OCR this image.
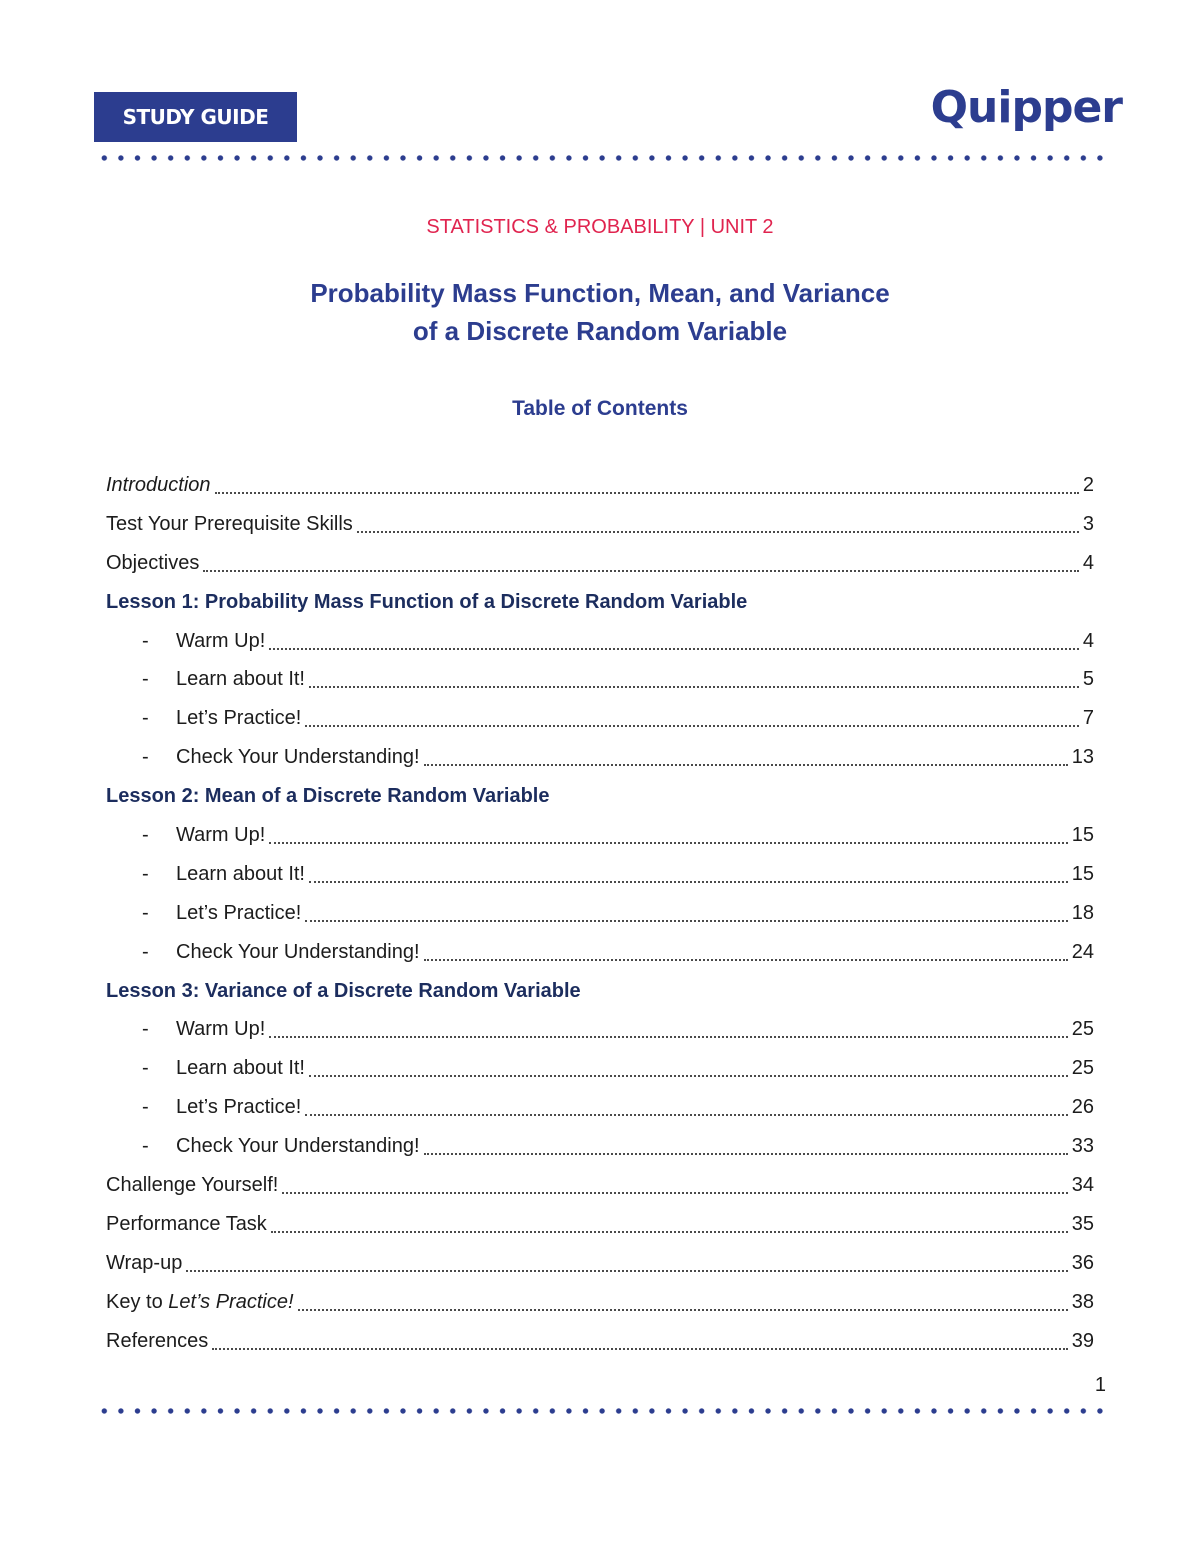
STUDY GUIDE	Quipper
STATISTICS & PROBABILITY | UNIT 2
Probability Mass Function, Mean, and Variance
of a Discrete Random Variable
Table of Contents
Introduction	2
Test Your Prerequisite Skills	3
Objectives	4
Lesson 1: Probability Mass Function of a Discrete Random Variable
-	Warm Up!	4
-	Learn about It!	5
-	Let’s Practice!	7
-	Check Your Understanding!	13
Lesson 2: Mean of a Discrete Random Variable
-	Warm Up!	15
-	Learn about It!	15
-	Let’s Practice!	18
-	Check Your Understanding!	24
Lesson 3: Variance of a Discrete Random Variable
-	Warm Up!	25
-	Learn about It!	25
-	Let’s Practice!	26
-	Check Your Understanding!	33
Challenge Yourself!	34
Performance Task	35
Wrap-up	36
Key to Let’s Practice!	38
References	39
1
